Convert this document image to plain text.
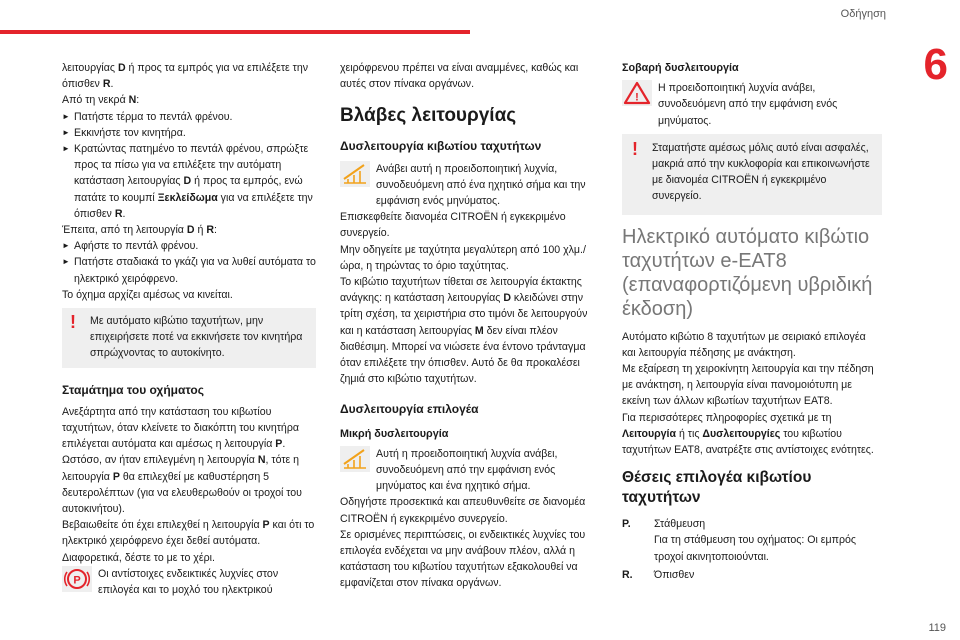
Οδήγηση
6
119
λειτουργίας D ή προς τα εμπρός για να επιλέξετε την όπισθεν R.
Από τη νεκρά N:
► Πατήστε τέρμα το πεντάλ φρένου.
► Εκκινήστε τον κινητήρα.
► Κρατώντας πατημένο το πεντάλ φρένου, σπρώξτε προς τα πίσω για να επιλέξετε την αυτόματη κατάσταση λειτουργίας D ή προς τα εμπρός, ενώ πατάτε το κουμπί Ξεκλείδωμα για να επιλέξετε την όπισθεν R.
Έπειτα, από τη λειτουργία D ή R:
► Αφήστε το πεντάλ φρένου.
► Πατήστε σταδιακά το γκάζι για να λυθεί αυτόματα το ηλεκτρικό χειρόφρενο.
Το όχημα αρχίζει αμέσως να κινείται.
!	Με αυτόματο κιβώτιο ταχυτήτων, μην επιχειρήσετε ποτέ να εκκινήσετε τον κινητήρα σπρώχνοντας το αυτοκίνητο.
Σταμάτημα του οχήματος
Ανεξάρτητα από την κατάσταση του κιβωτίου ταχυτήτων, όταν κλείνετε το διακόπτη του κινητήρα επιλέγεται αυτόματα και αμέσως η λειτουργία P.
Ωστόσο, αν ήταν επιλεγμένη η λειτουργία N, τότε η λειτουργία P θα επιλεχθεί με καθυστέρηση 5 δευτερολέπτων (για να ελευθερωθούν οι τροχοί του αυτοκινήτου).
Βεβαιωθείτε ότι έχει επιλεχθεί η λειτουργία P και ότι το ηλεκτρικό χειρόφρενο έχει δεθεί αυτόματα.
Διαφορετικά, δέστε το με το χέρι.
P
Οι αντίστοιχες ενδεικτικές λυχνίες στον επιλογέα και το μοχλό του ηλεκτρικού
χειρόφρενου πρέπει να είναι αναμμένες, καθώς και αυτές στον πίνακα οργάνων.
Βλάβες λειτουργίας
Δυσλειτουργία κιβωτίου ταχυτήτων
Ανάβει αυτή η προειδοποιητική λυχνία, συνοδευόμενη από ένα ηχητικό σήμα και την εμφάνιση ενός μηνύματος.
Επισκεφθείτε διανομέα CITROËN ή εγκεκριμένο συνεργείο.
Μην οδηγείτε με ταχύτητα μεγαλύτερη από 100 χλμ./ώρα, η τηρώντας το όριο ταχύτητας.
Το κιβώτιο ταχυτήτων τίθεται σε λειτουργία έκτακτης ανάγκης: η κατάσταση λειτουργίας D κλειδώνει στην τρίτη σχέση, τα χειριστήρια στο τιμόνι δε λειτουργούν και η κατάσταση λειτουργίας M δεν είναι πλέον διαθέσιμη. Μπορεί να νιώσετε ένα έντονο τράνταγμα όταν επιλέξετε την όπισθεν. Αυτό δε θα προκαλέσει ζημιά στο κιβώτιο ταχυτήτων.
Δυσλειτουργία επιλογέα
Μικρή δυσλειτουργία
Αυτή η προειδοποιητική λυχνία ανάβει, συνοδευόμενη από την εμφάνιση ενός μηνύματος και ένα ηχητικό σήμα.
Οδηγήστε προσεκτικά και απευθυνθείτε σε διανομέα CITROËN ή εγκεκριμένο συνεργείο.
Σε ορισμένες περιπτώσεις, οι ενδεικτικές λυχνίες του επιλογέα ενδέχεται να μην ανάβουν πλέον, αλλά η κατάσταση του κιβωτίου ταχυτήτων εξακολουθεί να εμφανίζεται στον πίνακα οργάνων.
Σοβαρή δυσλειτουργία
!
Η προειδοποιητική λυχνία ανάβει, συνοδευόμενη από την εμφάνιση ενός μηνύματος.
!	Σταματήστε αμέσως μόλις αυτό είναι ασφαλές, μακριά από την κυκλοφορία και επικοινωνήστε με διανομέα CITROËN ή εγκεκριμένο συνεργείο.
Ηλεκτρικό αυτόματο κιβώτιο ταχυτήτων e-EAT8 (επαναφορτιζόμενη υβριδική έκδοση)
Αυτόματο κιβώτιο 8 ταχυτήτων με σειριακό επιλογέα και λειτουργία πέδησης με ανάκτηση.
Με εξαίρεση τη χειροκίνητη λειτουργία και την πέδηση με ανάκτηση, η λειτουργία είναι πανομοιότυπη με εκείνη των άλλων κιβωτίων ταχυτήτων EAT8.
Για περισσότερες πληροφορίες σχετικά με τη Λειτουργία ή τις Δυσλειτουργίες του κιβωτίου ταχυτήτων EAT8, ανατρέξτε στις αντίστοιχες ενότητες.
Θέσεις επιλογέα κιβωτίου ταχυτήτων
P.	Στάθμευση
Για τη στάθμευση του οχήματος: Οι εμπρός τροχοί ακινητοποιούνται.
R.	Όπισθεν
